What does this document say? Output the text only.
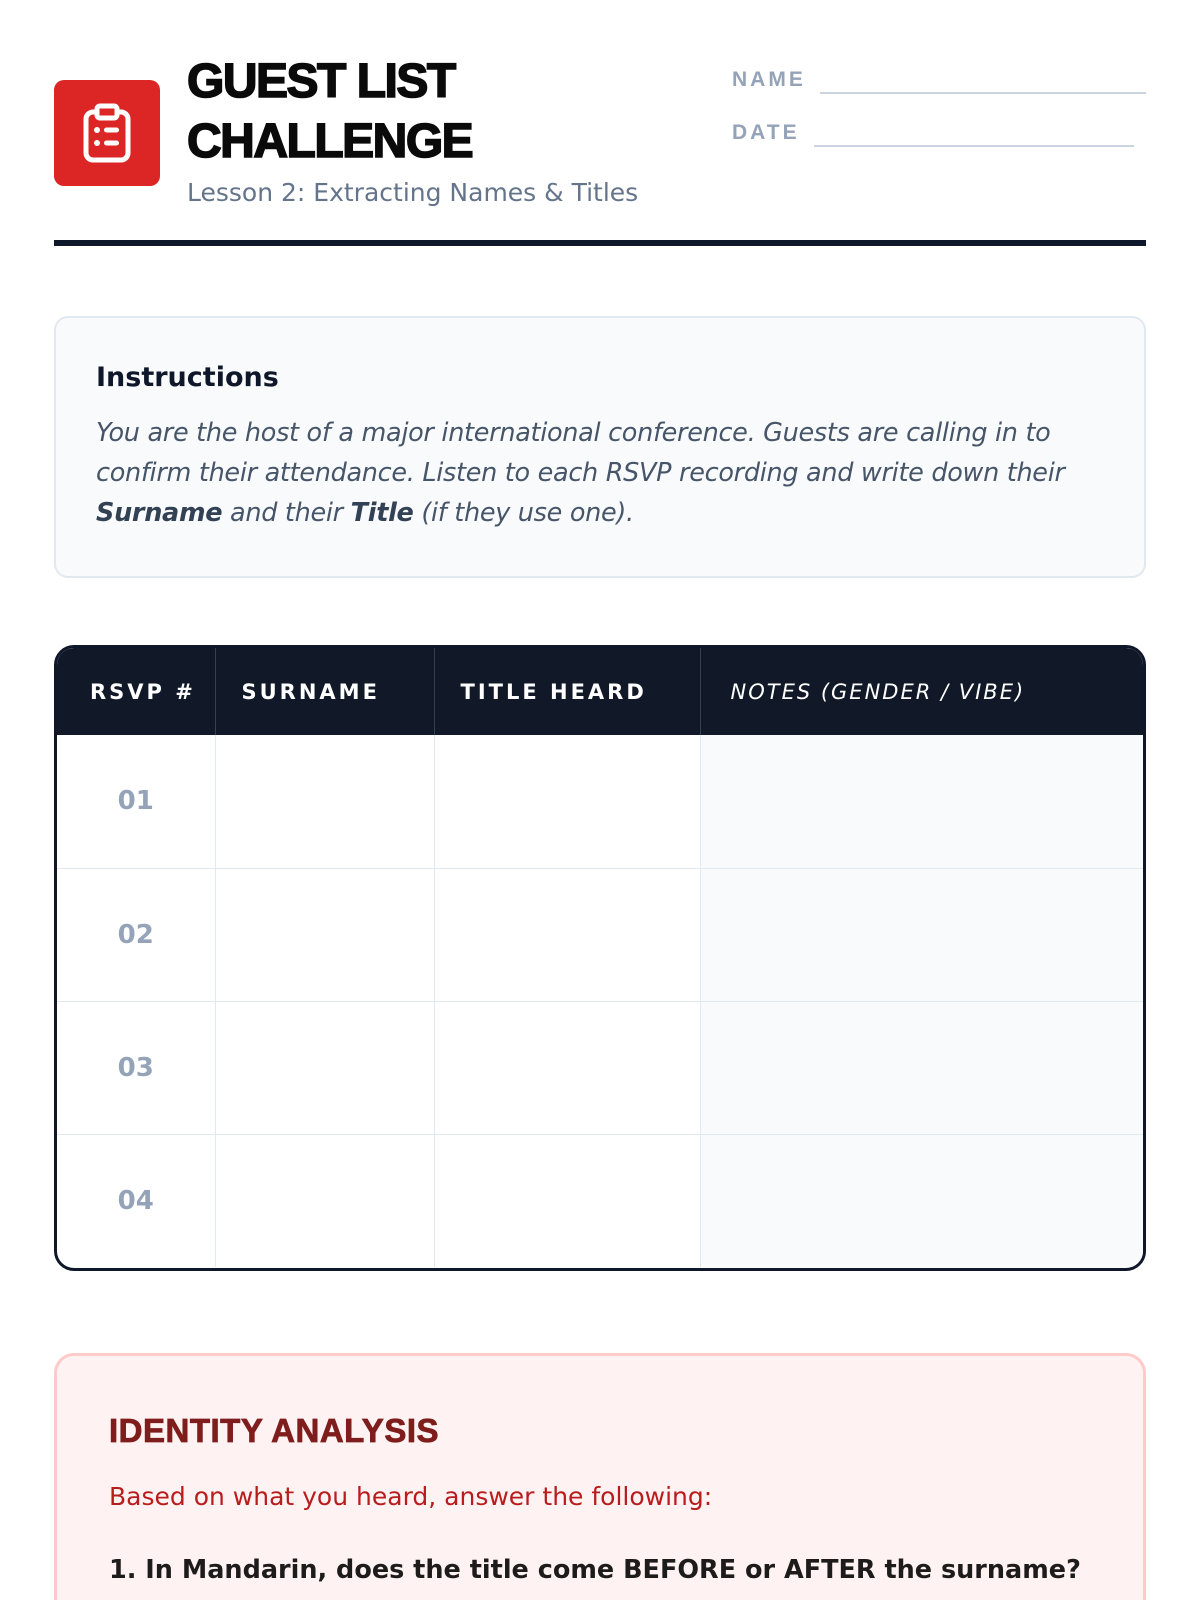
GUEST LIST
CHALLENGE
Lesson 2: Extracting Names & Titles
NAME
DATE
Instructions

You are the host of a major international conference. Guests are calling in to confirm their attendance. Listen to each RSVP recording and write down their Surname and their Title (if they use one).

RSVP #	SURNAME	TITLE HEARD	NOTES (GENDER / VIBE)
01			
02			
03			
04			
IDENTITY ANALYSIS
Based on what you heard, answer the following:
1. In Mandarin, does the title come BEFORE or AFTER the surname?
